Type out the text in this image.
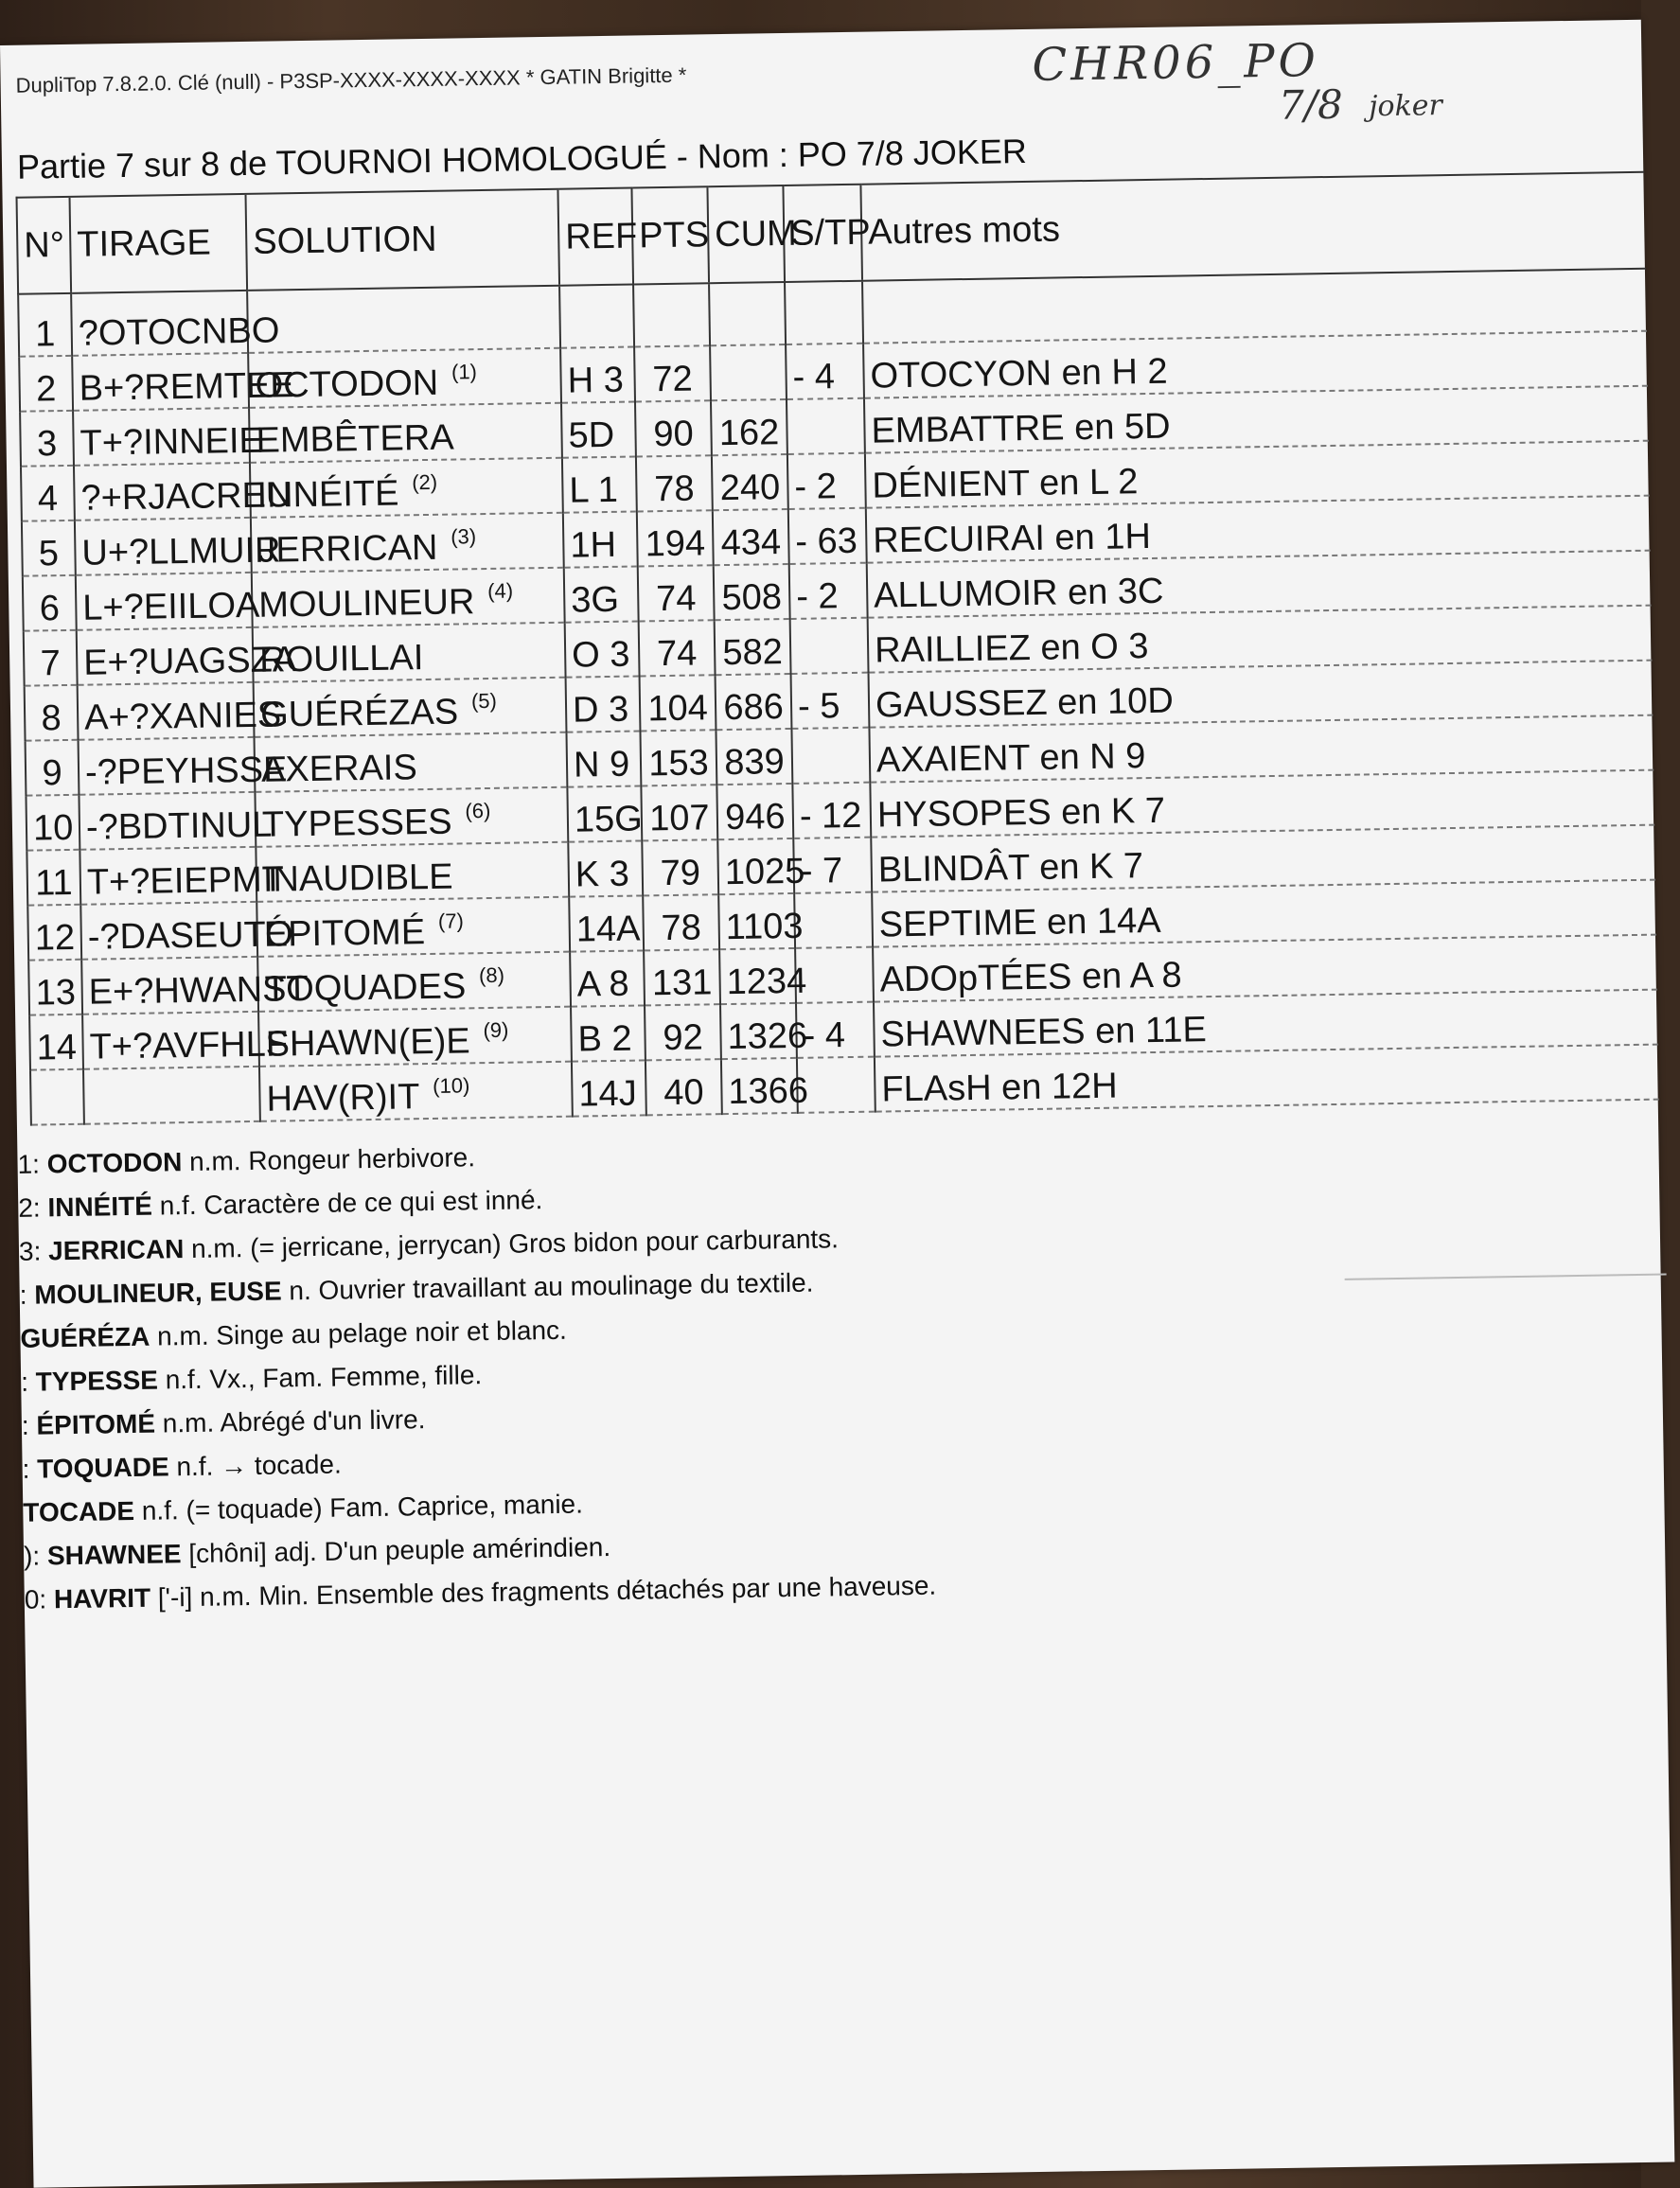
DupliTop 7.8.2.0. Clé (null) - P3SP-XXXX-XXXX-XXXX * GATIN Brigitte *
Partie 7 sur 8 de TOURNOI HOMOLOGUÉ - Nom : PO 7/8 JOKER
CHR06_PO
7/8 joker
N°	TIRAGE	SOLUTION	REF	PTS	CUM	S/TP	Autres mots
1	?OTOCNBO						
2	B+?REMTEE	OCTODON $^{(1)}$	H 3	72		- 4	OTOCYON en H 2
3	T+?INNEIE	EMBÊTERA	5D	90	162		EMBATTRE en 5D
4	?+RJACREU	INNÉITÉ $^{(2)}$	L 1	78	240	- 2	DÉNIENT en L 2
5	U+?LLMUIR	JERRICAN $^{(3)}$	1H	194	434	- 63	RECUIRAI en 1H
6	L+?EIILOA	MOULINEUR $^{(4)}$	3G	74	508	- 2	ALLUMOIR en 3C
7	E+?UAGSZA	ROUILLAI	O 3	74	582		RAILLIEZ en O 3
8	A+?XANIES	GUÉRÉZAS $^{(5)}$	D 3	104	686	- 5	GAUSSEZ en 10D
9	-?PEYHSSE	AXERAIS	N 9	153	839		AXAIENT en N 9
10	-?BDTINUL	TYPESSES $^{(6)}$	15G	107	946	- 12	HYSOPES en K 7
11	T+?EIEPMT	INAUDIBLE	K 3	79	1025	- 7	BLINDÂT en K 7
12	-?DASEUTO	ÉPITOMÉ $^{(7)}$	14A	78	1103		SEPTIME en 14A
13	E+?HWANST	TOQUADES $^{(8)}$	A 8	131	1234		ADOpTÉES en A 8
14	T+?AVFHLF	SHAWN(E)E $^{(9)}$	B 2	92	1326	- 4	SHAWNEES en 11E
		HAV(R)IT $^{(10)}$	14J	40	1366		FLAsH en 12H
1: OCTODON n.m. Rongeur herbivore.
2: INNÉITÉ n.f. Caractère de ce qui est inné.
3: JERRICAN n.m. (= jerricane, jerrycan) Gros bidon pour carburants.
: MOULINEUR, EUSE n. Ouvrier travaillant au moulinage du textile.
GUÉRÉZA n.m. Singe au pelage noir et blanc.
: TYPESSE n.f. Vx., Fam. Femme, fille.
: ÉPITOMÉ n.m. Abrégé d'un livre.
: TOQUADE n.f. → tocade.
TOCADE n.f. (= toquade) Fam. Caprice, manie.
): SHAWNEE [chôni] adj. D'un peuple amérindien.
0: HAVRIT ['-i] n.m. Min. Ensemble des fragments détachés par une haveuse.
